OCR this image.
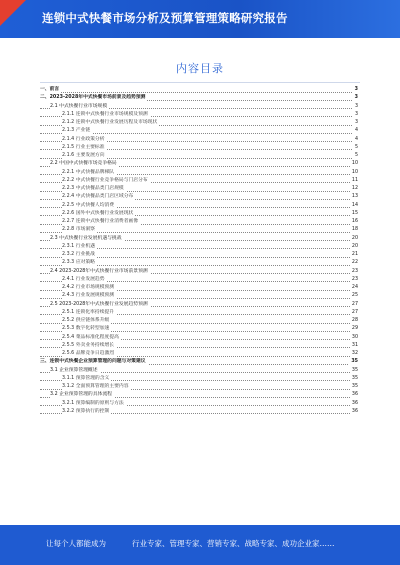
连锁中式快餐市场分析及预算管理策略研究报告
内容目录
一、前言	3
二、2023-2028年中式快餐市场前景及趋势预测	3
2.1 中式快餐行业市场规模	3
2.1.1 连锁中式快餐行业市场规模及预测	3
2.1.2 连锁中式快餐行业发展历程及市场现状	3
2.1.3 产业链	4
2.1.4 行业政策分析	4
2.1.5 行业主要标准	5
2.1.6 主要发展方向	5
2.2 中国中式快餐市场竞争格局	10
2.2.1 中式快餐品牌梯队	10
2.2.2 中式快餐行业竞争格局与门店分布	11
2.2.3 中式快餐品类门店规模	12
2.2.4 中式快餐品类门店区域分布	13
2.2.5 中式快餐人均消费	14
2.2.6 国外中式快餐行业发展现状	15
2.2.7 连锁中式快餐行业消费者画像	16
2.2.8 市场洞察	18
2.3 中式快餐行业发展机遇与挑战	20
2.3.1 行业机遇	20
2.3.2 行业挑战	21
2.3.3 应对策略	22
2.4 2023-2028年中式快餐行业市场前景预测	23
2.4.1 行业发展趋势	23
2.4.2 行业市场规模预测	24
2.4.3 行业发展规模预测	25
2.5 2023-2028年中式快餐行业发展趋势预测	27
2.5.1 连锁化率持续提升	27
2.5.2 供应链体系升级	28
2.5.3 数字化转型加速	29
2.5.4 菜品标准化程度提高	30
2.5.5 外卖业务持续增长	31
2.5.6 品牌竞争日趋激烈	32
三、连锁中式快餐企业预算管理的问题与对策建议	35
3.1 企业预算管理概述	35
3.1.1 预算管理的含义	35
3.1.2 全面预算管理的主要内容	35
3.2 企业预算管理的具体流程	36
3.2.1 预算编制的原则与方法	36
3.2.2 预算执行的控制	36
让每个人都能成为	行业专家、管理专家、营销专家、战略专家、成功企业家……
